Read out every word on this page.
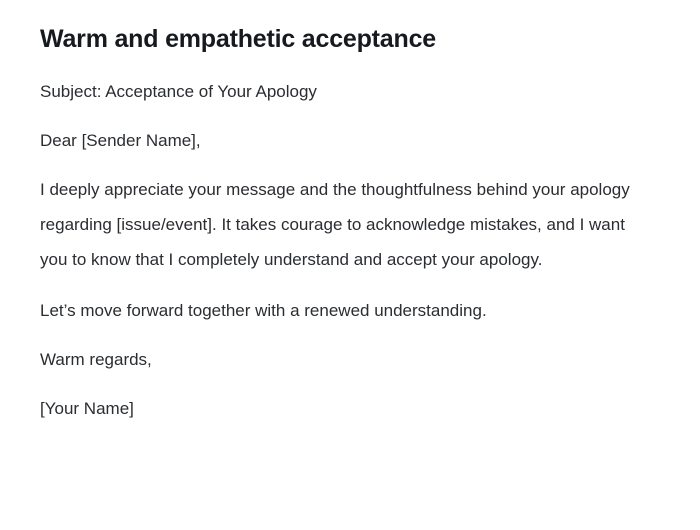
Warm and empathetic acceptance

Subject: Acceptance of Your Apology

Dear [Sender Name],

I deeply appreciate your message and the thoughtfulness behind your apology regarding [issue/event]. It takes courage to acknowledge mistakes, and I want you to know that I completely understand and accept your apology.

Let’s move forward together with a renewed understanding.

Warm regards,

[Your Name]
